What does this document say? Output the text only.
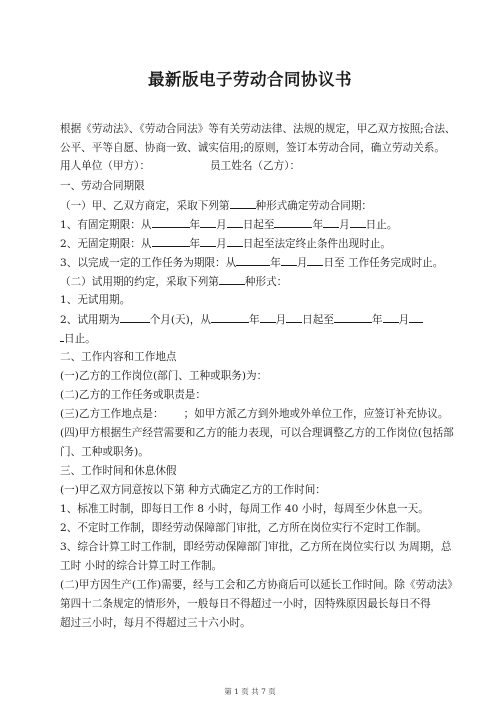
最新版电子劳动合同协议书
根据《劳动法》、《劳动合同法》等有关劳动法律、法规的规定，甲乙双方按照;合法、
公平、平等自愿、协商一致、诚实信用;的原则，签订本劳动合同，确立劳动关系。
用人单位（甲方）：	员工姓名（乙方）：
一、劳动合同期限
（一）甲、乙双方商定，采取下列第 种形式确定劳动合同期：
1、有固定期限：从	年 月 日起至	年 月 日止。
2、无固定期限：从	年 月 日起至法定终止条件出现时止。
3、以完成一定的工作任务为期限：从	年 月 日至 工作任务完成时止。
（二）试用期的约定，采取下列第 种形式：
1、无试用期。
2、试用期为	个月(天)，从	年 月 日起至	年 月
日止。
二、工作内容和工作地点
(一)乙方的工作岗位(部门、工种或职务)为：
(二)乙方的工作任务或职责是：
(三)乙方工作地点是： ；如甲方派乙方到外地或外单位工作，应签订补充协议。
(四)甲方根据生产经营需要和乙方的能力表现，可以合理调整乙方的工作岗位(包括部
门、工种或职务)。
三、工作时间和休息休假
(一)甲乙双方同意按以下第 种方式确定乙方的工作时间：
1、标准工时制，即每日工作 8 小时，每周工作 40 小时，每周至少休息一天。
2、不定时工作制，即经劳动保障部门审批，乙方所在岗位实行不定时工作制。
3、综合计算工时工作制，即经劳动保障部门审批，乙方所在岗位实行以 为周期，总
工时 小时的综合计算工时工作制。
(二)甲方因生产(工作)需要，经与工会和乙方协商后可以延长工作时间。除《劳动法》
第四十二条规定的情形外，一般每日不得超过一小时，因特殊原因最长每日不得
超过三小时，每月不得超过三十六小时。
第 1 页 共 7 页
